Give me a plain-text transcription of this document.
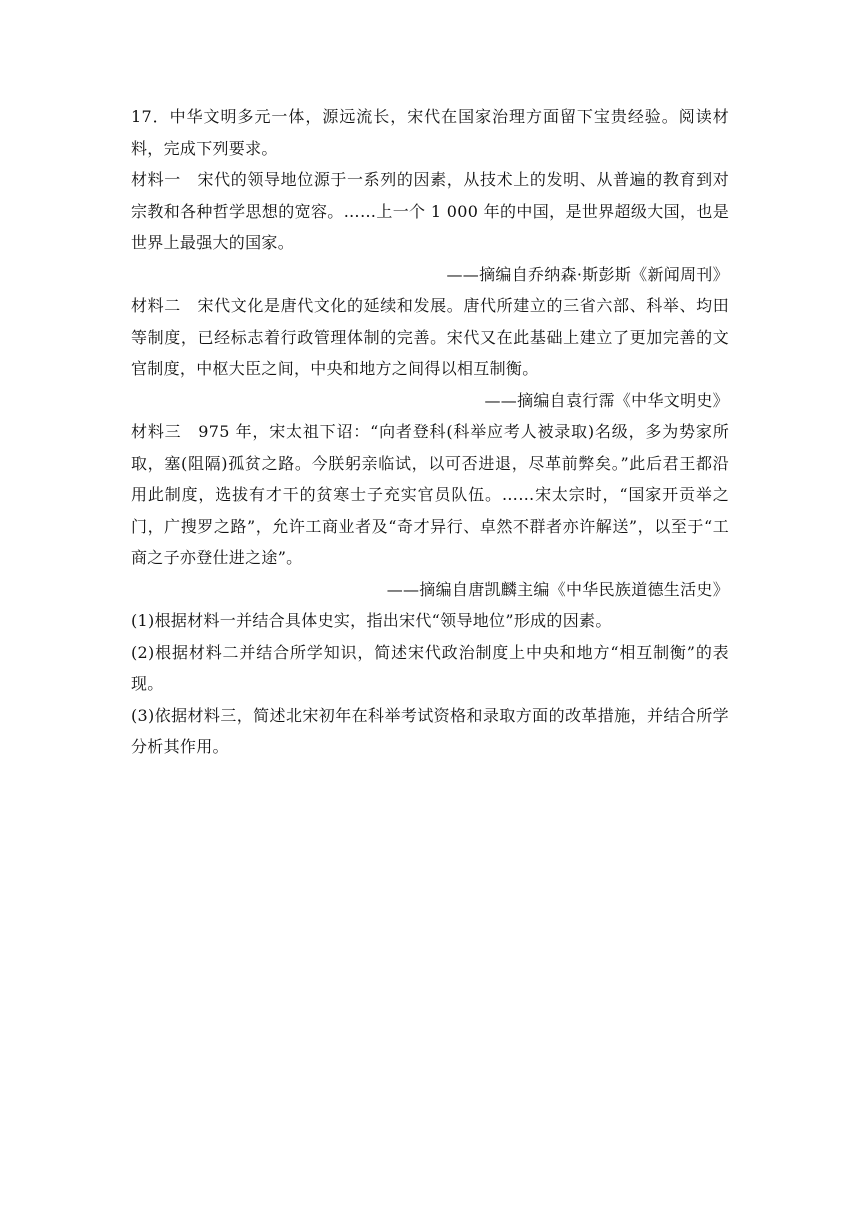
17．中华文明多元一体，源远流长，宋代在国家治理方面留下宝贵经验。阅读材料，完成下列要求。

材料一　宋代的领导地位源于一系列的因素，从技术上的发明、从普遍的教育到对宗教和各种哲学思想的宽容。……上一个 1 000 年的中国，是世界超级大国，也是世界上最强大的国家。

——摘编自乔纳森·斯彭斯《新闻周刊》

材料二　宋代文化是唐代文化的延续和发展。唐代所建立的三省六部、科举、均田等制度，已经标志着行政管理体制的完善。宋代又在此基础上建立了更加完善的文官制度，中枢大臣之间，中央和地方之间得以相互制衡。

——摘编自袁行霈《中华文明史》

材料三　975 年，宋太祖下诏：“向者登科(科举应考人被录取)名级，多为势家所取，塞(阻隔)孤贫之路。今朕躬亲临试，以可否进退，尽革前弊矣。”此后君王都沿用此制度，选拔有才干的贫寒士子充实官员队伍。……宋太宗时，“国家开贡举之门，广搜罗之路”，允许工商业者及“奇才异行、卓然不群者亦许解送”，以至于“工商之子亦登仕进之途”。

——摘编自唐凯麟主编《中华民族道德生活史》

(1)根据材料一并结合具体史实，指出宋代“领导地位”形成的因素。

(2)根据材料二并结合所学知识，简述宋代政治制度上中央和地方“相互制衡”的表现。

(3)依据材料三，简述北宋初年在科举考试资格和录取方面的改革措施，并结合所学分析其作用。
